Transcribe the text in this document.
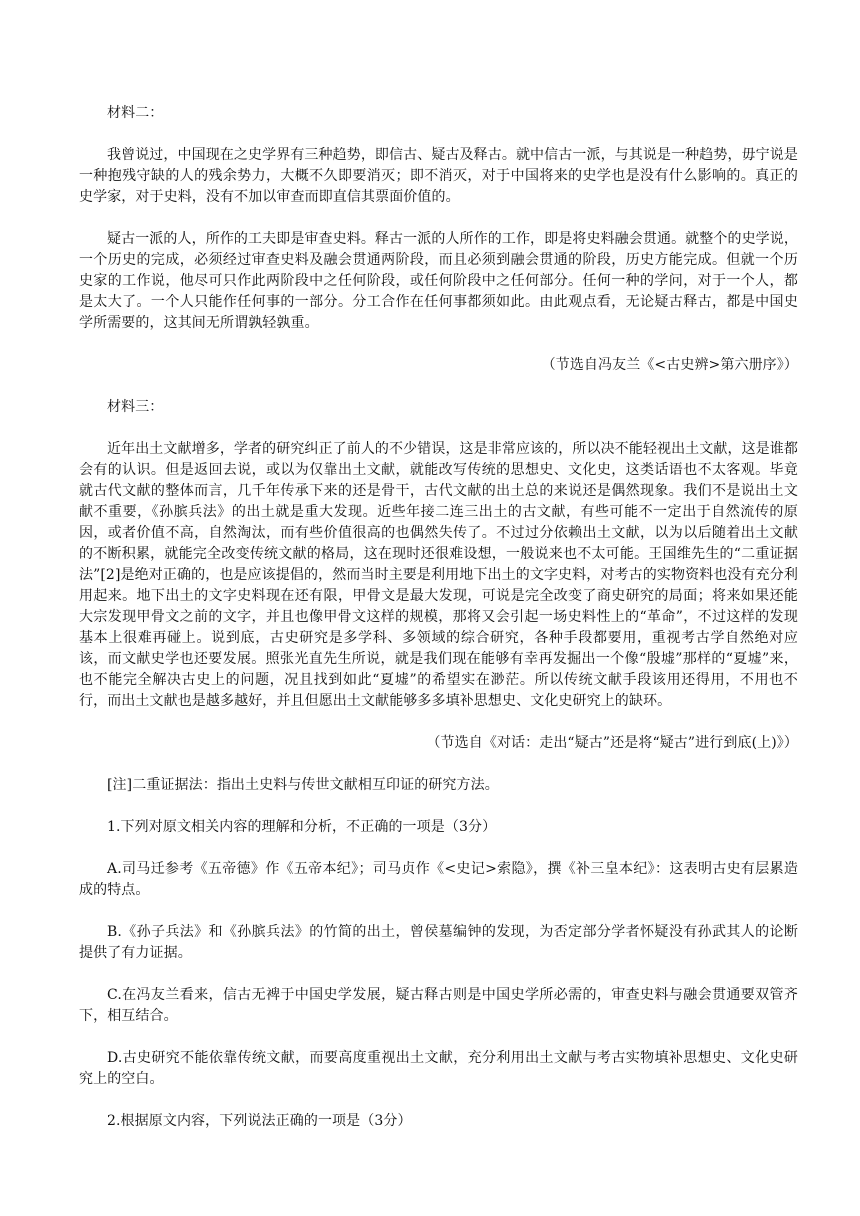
材料二：

我曾说过，中国现在之史学界有三种趋势，即信古、疑古及释古。就中信古一派，与其说是一种趋势，毋宁说是一种抱残守缺的人的残余势力，大概不久即要消灭；即不消灭，对于中国将来的史学也是没有什么影响的。真正的史学家，对于史料，没有不加以审查而即直信其票面价值的。

疑古一派的人，所作的工夫即是审查史料。释古一派的人所作的工作，即是将史料融会贯通。就整个的史学说，一个历史的完成，必须经过审查史料及融会贯通两阶段，而且必须到融会贯通的阶段，历史方能完成。但就一个历史家的工作说，他尽可只作此两阶段中之任何阶段，或任何阶段中之任何部分。任何一种的学问，对于一个人，都是太大了。一个人只能作任何事的一部分。分工合作在任何事都须如此。由此观点看，无论疑古释古，都是中国史学所需要的，这其间无所谓孰轻孰重。

（节选自冯友兰《<古史辨>第六册序》）

材料三：

近年出土文献增多，学者的研究纠正了前人的不少错误，这是非常应该的，所以决不能轻视出土文献，这是谁都会有的认识。但是返回去说，或以为仅靠出土文献，就能改写传统的思想史、文化史，这类话语也不太客观。毕竟就古代文献的整体而言，几千年传承下来的还是骨干，古代文献的出土总的来说还是偶然现象。我们不是说出土文献不重要，《孙膑兵法》的出土就是重大发现。近些年接二连三出土的古文献，有些可能不一定出于自然流传的原因，或者价值不高，自然淘汰，而有些价值很高的也偶然失传了。不过过分依赖出土文献，以为以后随着出土文献的不断积累，就能完全改变传统文献的格局，这在现时还很难设想，一般说来也不太可能。王国维先生的“二重证据法”[2]是绝对正确的，也是应该提倡的，然而当时主要是利用地下出土的文字史料，对考古的实物资料也没有充分利用起来。地下出土的文字史料现在还有限，甲骨文是最大发现，可说是完全改变了商史研究的局面；将来如果还能大宗发现甲骨文之前的文字，并且也像甲骨文这样的规模，那将又会引起一场史料性上的“革命”，不过这样的发现基本上很难再碰上。说到底，古史研究是多学科、多领域的综合研究，各种手段都要用，重视考古学自然绝对应该，而文献史学也还要发展。照张光直先生所说，就是我们现在能够有幸再发掘出一个像“殷墟”那样的“夏墟”来，也不能完全解决古史上的问题，况且找到如此“夏墟”的希望实在渺茫。所以传统文献手段该用还得用，不用也不行，而出土文献也是越多越好，并且但愿出土文献能够多多填补思想史、文化史研究上的缺环。

（节选自《对话：走出“疑古”还是将“疑古”进行到底(上)》）

[注]二重证据法：指出土史料与传世文献相互印证的研究方法。

1.下列对原文相关内容的理解和分析，不正确的一项是（3分）

A.司马迁参考《五帝德》作《五帝本纪》；司马贞作《<史记>索隐》，撰《补三皇本纪》：这表明古史有层累造成的特点。

B.《孙子兵法》和《孙膑兵法》的竹简的出土，曾侯墓编钟的发现，为否定部分学者怀疑没有孙武其人的论断提供了有力证据。

C.在冯友兰看来，信古无裨于中国史学发展，疑古释古则是中国史学所必需的，审查史料与融会贯通要双管齐下，相互结合。

D.古史研究不能依靠传统文献，而要高度重视出土文献，充分利用出土文献与考古实物填补思想史、文化史研究上的空白。

2.根据原文内容，下列说法正确的一项是（3分）
